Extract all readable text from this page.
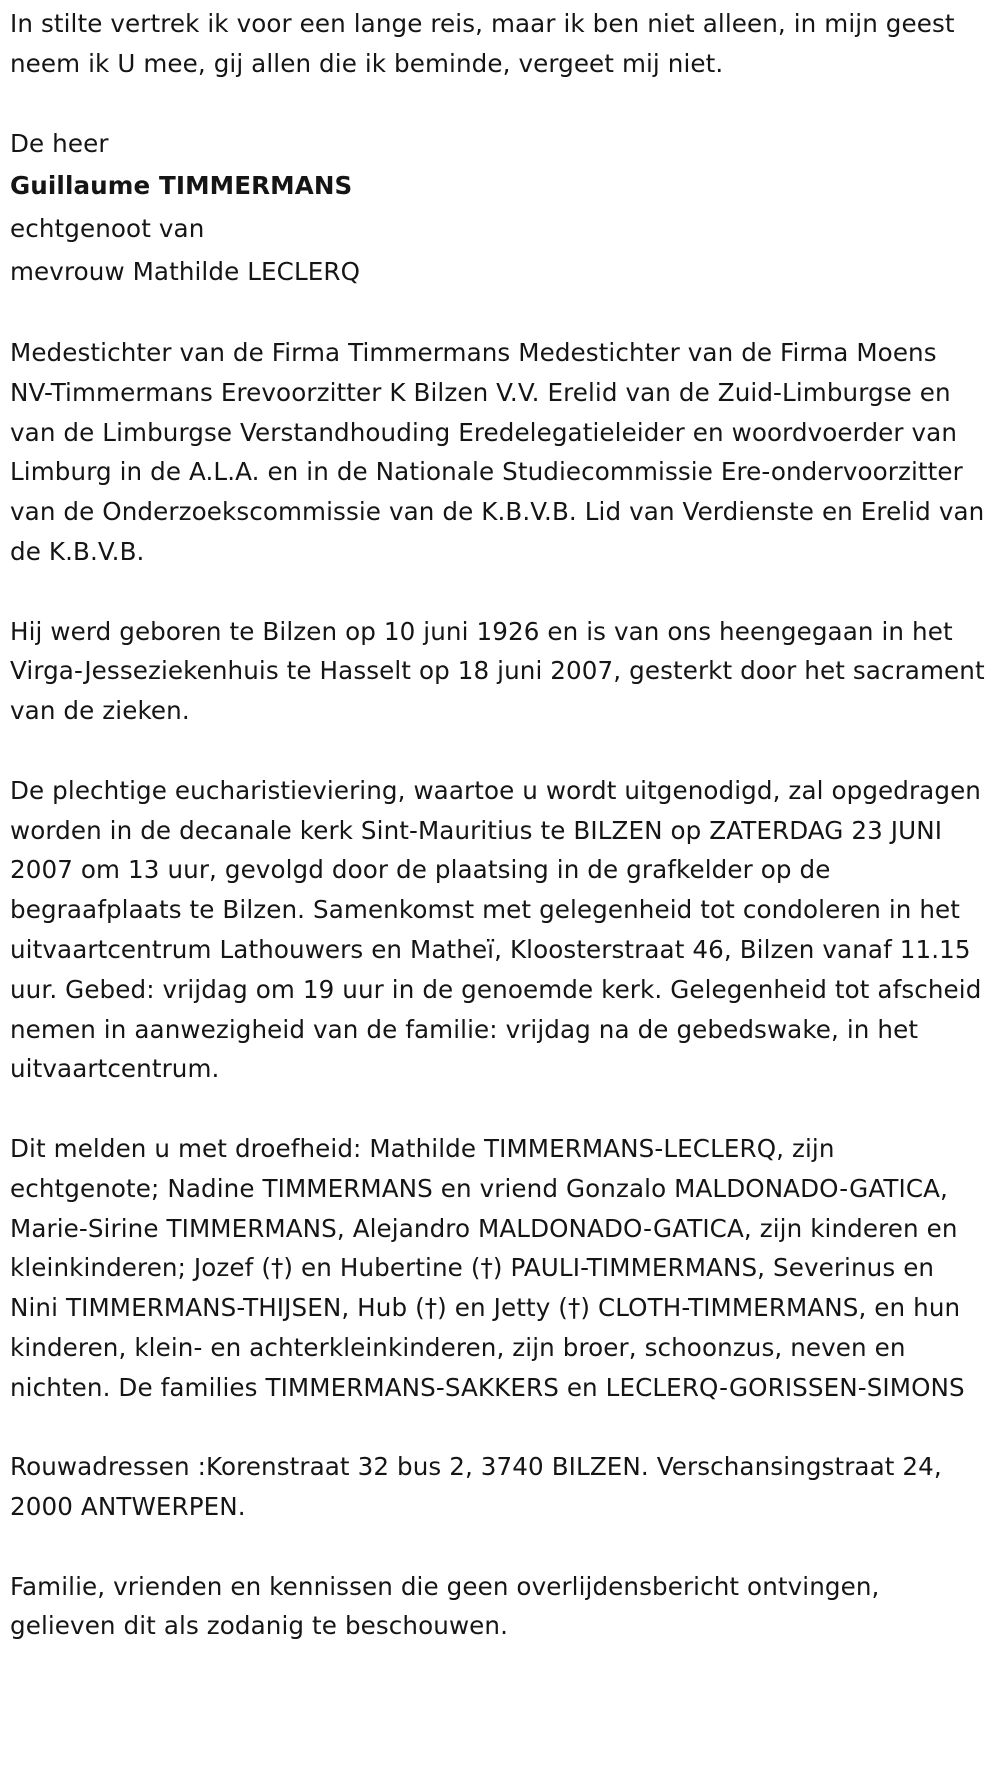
In stilte vertrek ik voor een lange reis, maar ik ben niet alleen, in mijn geest neem ik U mee, gij allen die ik beminde, vergeet mij niet.

De heer

Guillaume TIMMERMANS

echtgenoot van

mevrouw Mathilde LECLERQ

Medestichter van de Firma Timmermans Medestichter van de Firma Moens NV-Timmermans Erevoorzitter K Bilzen V.V. Erelid van de Zuid-Limburgse en van de Limburgse Verstandhouding Eredelegatieleider en woordvoerder van Limburg in de A.L.A. en in de Nationale Studiecommissie Ere-ondervoorzitter van de Onderzoekscommissie van de K.B.V.B. Lid van Verdienste en Erelid van de K.B.V.B.

Hij werd geboren te Bilzen op 10 juni 1926 en is van ons heengegaan in het Virga-Jesseziekenhuis te Hasselt op 18 juni 2007, gesterkt door het sacrament van de zieken.

De plechtige eucharistieviering, waartoe u wordt uitgenodigd, zal opgedragen worden in de decanale kerk Sint-Mauritius te BILZEN op ZATERDAG 23 JUNI 2007 om 13 uur, gevolgd door de plaatsing in de grafkelder op de begraafplaats te Bilzen. Samenkomst met gelegenheid tot condoleren in het uitvaartcentrum Lathouwers en Matheï, Kloosterstraat 46, Bilzen vanaf 11.15 uur. Gebed: vrijdag om 19 uur in de genoemde kerk. Gelegenheid tot afscheid nemen in aanwezigheid van de familie: vrijdag na de gebedswake, in het uitvaartcentrum.

Dit melden u met droefheid: Mathilde TIMMERMANS-LECLERQ, zijn echtgenote; Nadine TIMMERMANS en vriend Gonzalo MALDONADO-GATICA, Marie-Sirine TIMMERMANS, Alejandro MALDONADO-GATICA, zijn kinderen en kleinkinderen; Jozef (†) en Hubertine (†) PAULI-TIMMERMANS, Severinus en Nini TIMMERMANS-THIJSEN, Hub (†) en Jetty (†) CLOTH-TIMMERMANS, en hun kinderen, klein- en achterkleinkinderen, zijn broer, schoonzus, neven en nichten. De families TIMMERMANS-SAKKERS en LECLERQ-GORISSEN-SIMONS

Rouwadressen :Korenstraat 32 bus 2, 3740 BILZEN. Verschansingstraat 24, 2000 ANTWERPEN.

Familie, vrienden en kennissen die geen overlijdensbericht ontvingen, gelieven dit als zodanig te beschouwen.
